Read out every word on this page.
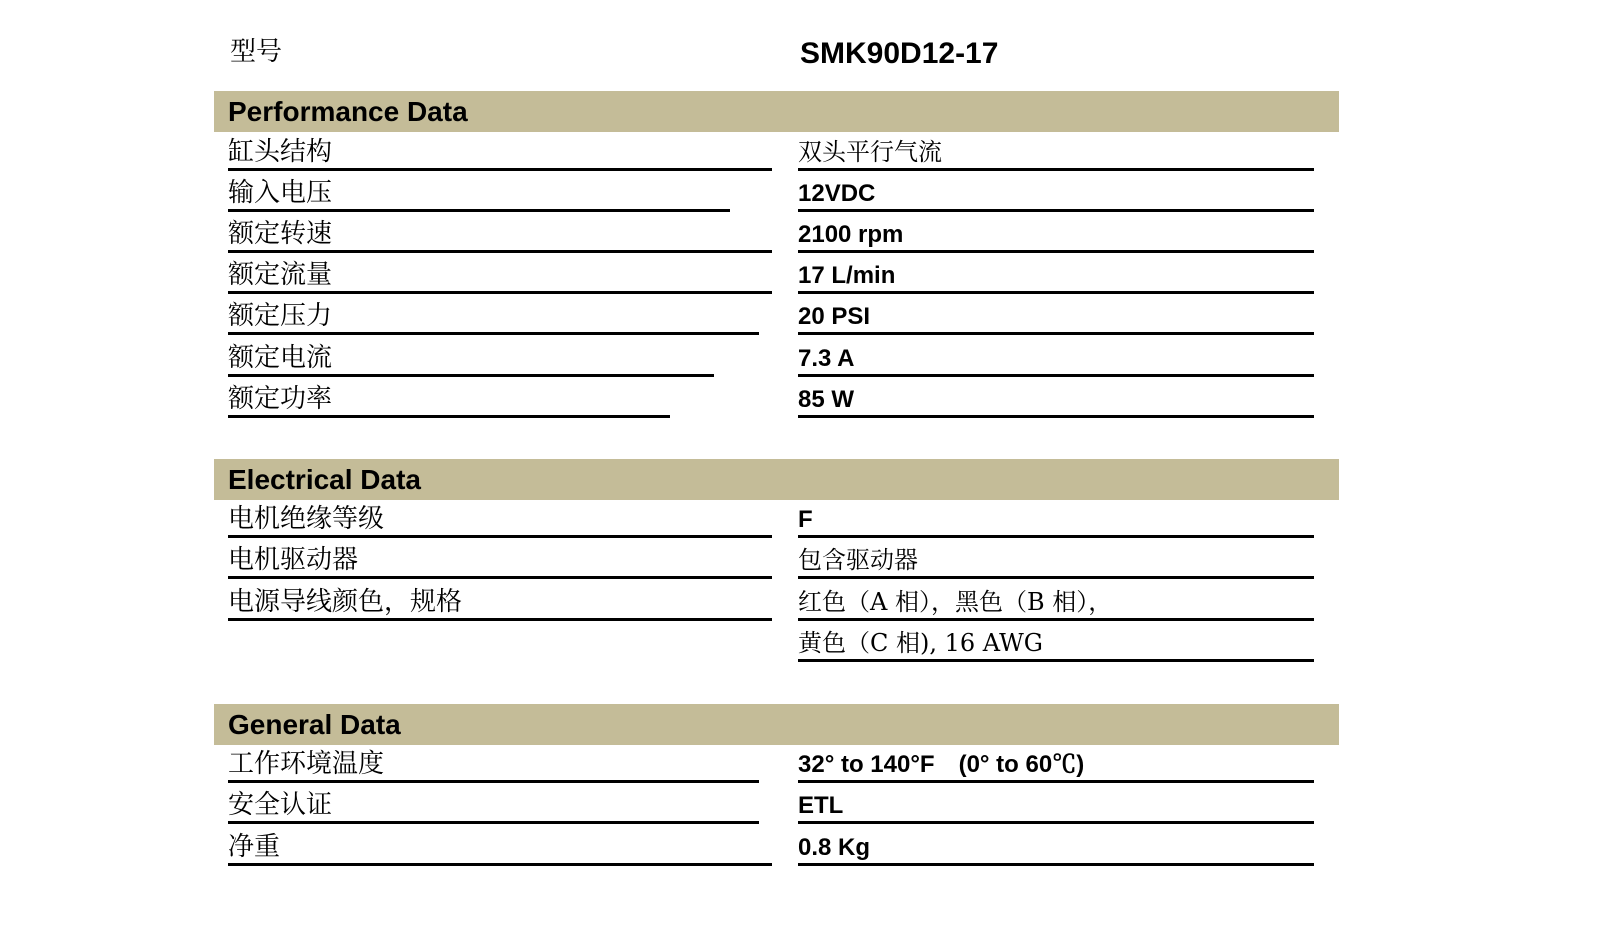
型号	SMK90D12-17
Performance Data
缸头结构	双头平行气流
输入电压	12VDC
额定转速	2100 rpm
额定流量	17 L/min
额定压力	20 PSI
额定电流	7.3 A
额定功率	85 W
Electrical Data
电机绝缘等级	F
电机驱动器	包含驱动器
电源导线颜色，规格	红色（A 相），黑色（B 相），
黄色（C 相), 16 AWG
General Data
工作环境温度	32° to 140°F　(0° to 60℃)
安全认证	ETL
净重	0.8 Kg
